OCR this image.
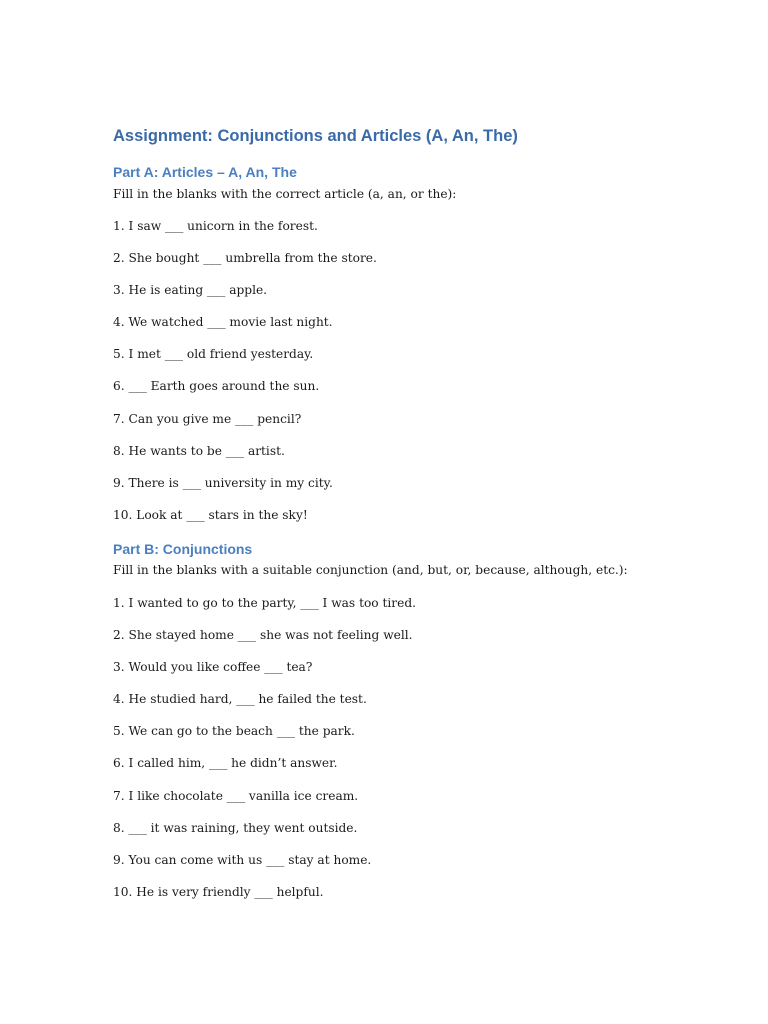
Assignment: Conjunctions and Articles (A, An, The)
Part A: Articles – A, An, The

Fill in the blanks with the correct article (a, an, or the):

1. I saw ___ unicorn in the forest.
2. She bought ___ umbrella from the store.
3. He is eating ___ apple.
4. We watched ___ movie last night.
5. I met ___ old friend yesterday.
6. ___ Earth goes around the sun.
7. Can you give me ___ pencil?
8. He wants to be ___ artist.
9. There is ___ university in my city.
10. Look at ___ stars in the sky!
Part B: Conjunctions

Fill in the blanks with a suitable conjunction (and, but, or, because, although, etc.):

1. I wanted to go to the party, ___ I was too tired.
2. She stayed home ___ she was not feeling well.
3. Would you like coffee ___ tea?
4. He studied hard, ___ he failed the test.
5. We can go to the beach ___ the park.
6. I called him, ___ he didn’t answer.
7. I like chocolate ___ vanilla ice cream.
8. ___ it was raining, they went outside.
9. You can come with us ___ stay at home.
10. He is very friendly ___ helpful.
